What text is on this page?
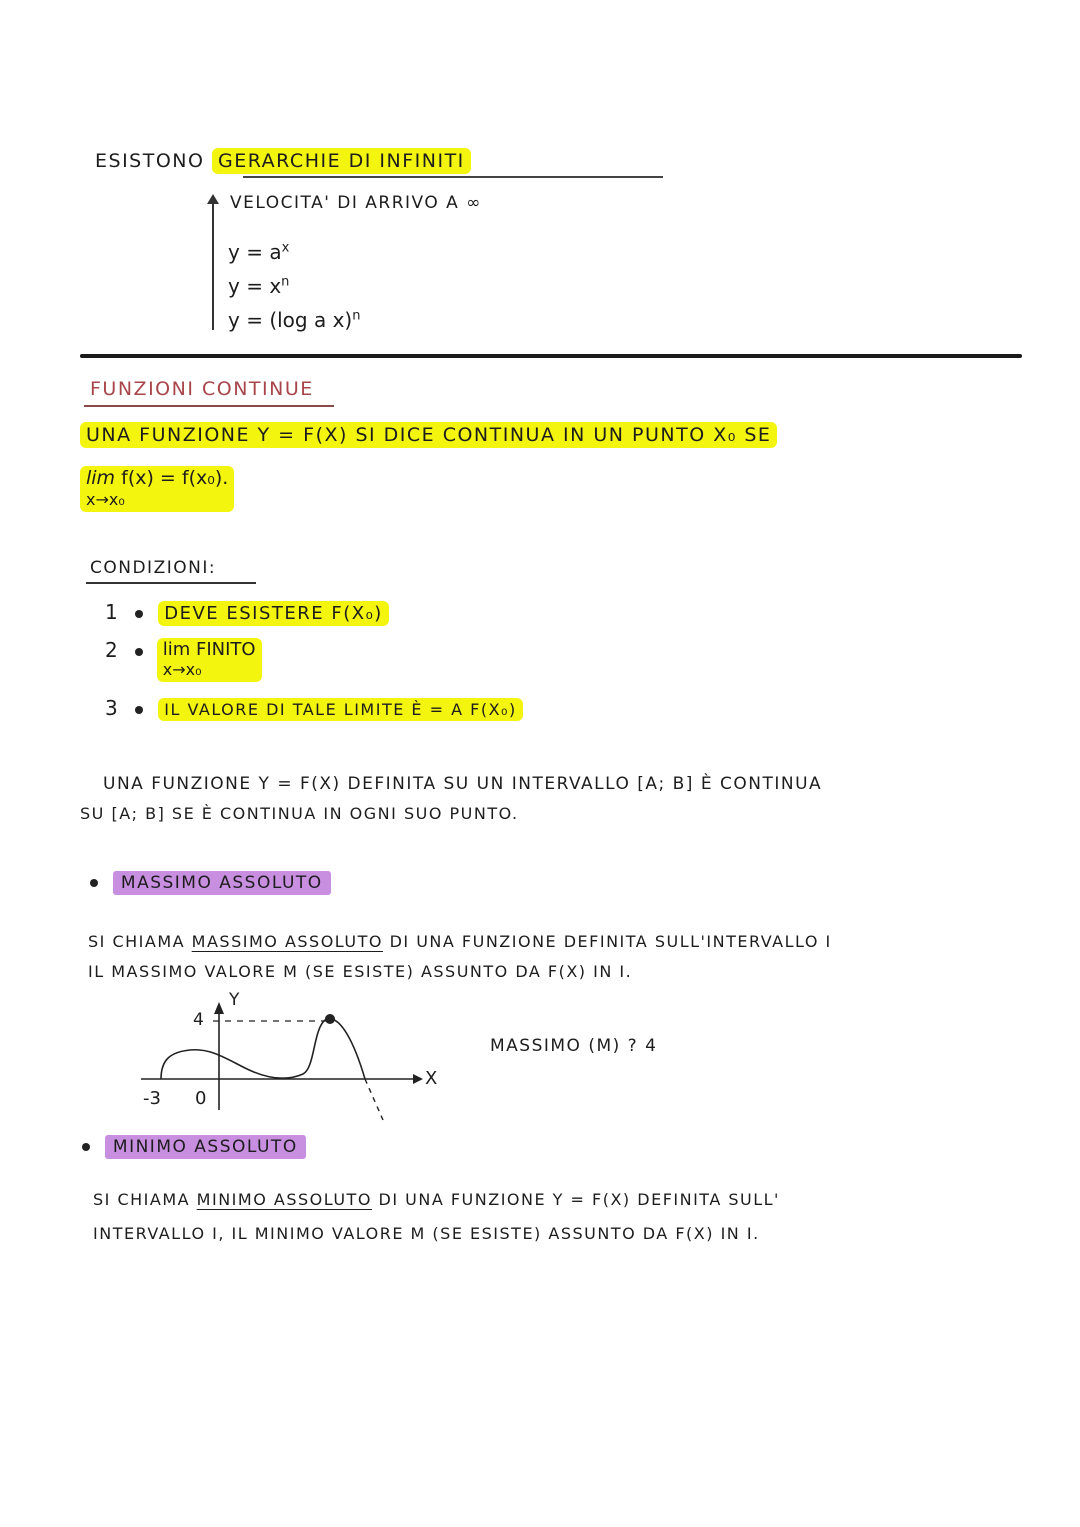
ESISTONO GERARCHIE DI INFINITI
VELOCITA' DI ARRIVO A ∞
$y = a^x$
$y = x^n$
y = (log a x)$^n$
FUNZIONI CONTINUE
UNA FUNZIONE Y = F(X) SI DICE CONTINUA IN UN PUNTO X₀ SE
lim f(x) = f(x₀).
x→x₀
CONDIZIONI:
1	DEVE ESISTERE F(X₀)
2	lim FINITO
x→x₀
3	IL VALORE DI TALE LIMITE È = A F(X₀)
UNA FUNZIONE Y = F(X) DEFINITA SU UN INTERVALLO [A; B] È CONTINUA
SU [A; B] SE È CONTINUA IN OGNI SUO PUNTO.
MASSIMO ASSOLUTO
SI CHIAMA MASSIMO ASSOLUTO DI UNA FUNZIONE DEFINITA SULL'INTERVALLO I
IL MASSIMO VALORE M (SE ESISTE) ASSUNTO DA F(X) IN I.
4
Y
X
-3 0
MASSIMO (M) ? 4
MINIMO ASSOLUTO
SI CHIAMA MINIMO ASSOLUTO DI UNA FUNZIONE Y = F(X) DEFINITA SULL'
INTERVALLO I, IL MINIMO VALORE M (SE ESISTE) ASSUNTO DA F(X) IN I.
